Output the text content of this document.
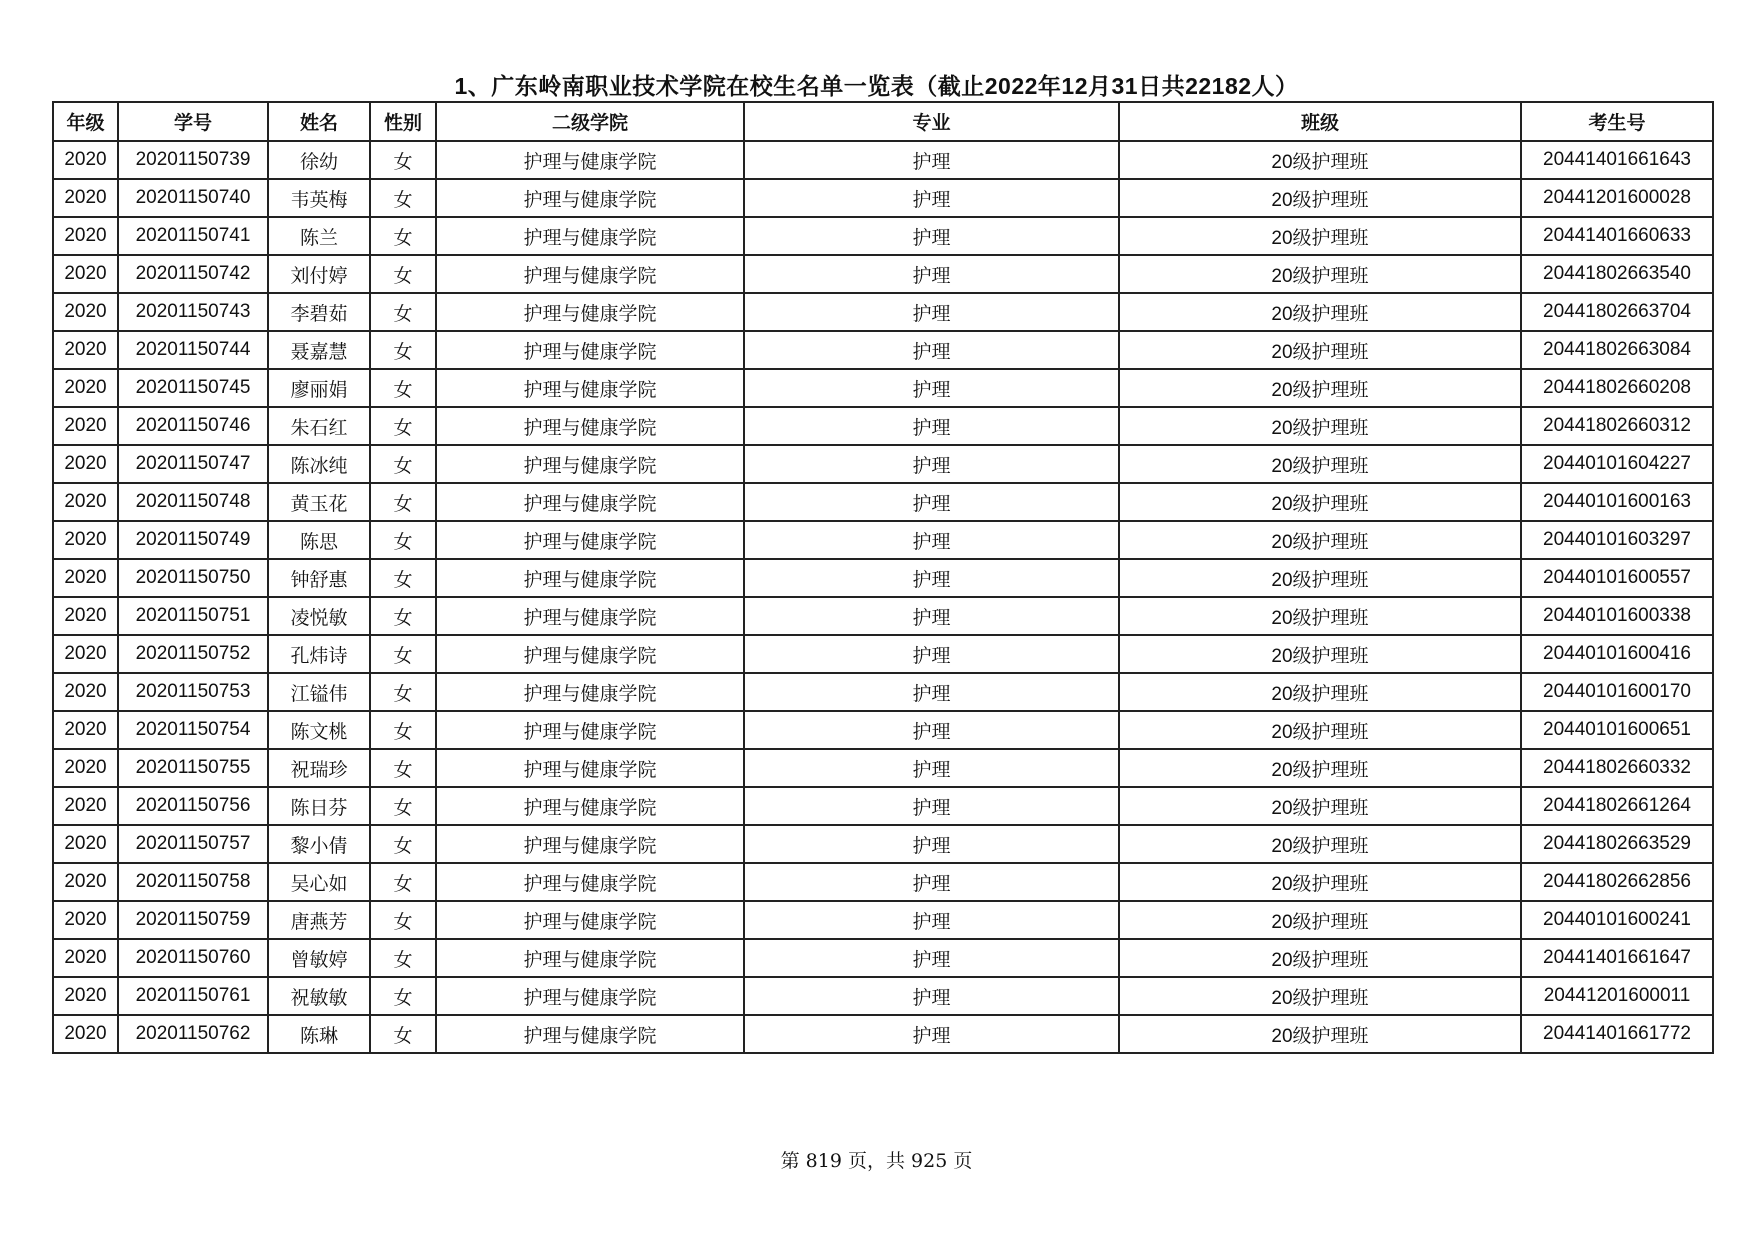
1、广东岭南职业技术学院在校生名单一览表（截止2022年12月31日共22182人）
年级	学号	姓名	性别	二级学院	专业	班级	考生号
2020	20201150739	徐幼	女	护理与健康学院	护理	20级护理班	20441401661643
2020	20201150740	韦英梅	女	护理与健康学院	护理	20级护理班	20441201600028
2020	20201150741	陈兰	女	护理与健康学院	护理	20级护理班	20441401660633
2020	20201150742	刘付婷	女	护理与健康学院	护理	20级护理班	20441802663540
2020	20201150743	李碧茹	女	护理与健康学院	护理	20级护理班	20441802663704
2020	20201150744	聂嘉慧	女	护理与健康学院	护理	20级护理班	20441802663084
2020	20201150745	廖丽娟	女	护理与健康学院	护理	20级护理班	20441802660208
2020	20201150746	朱石红	女	护理与健康学院	护理	20级护理班	20441802660312
2020	20201150747	陈冰纯	女	护理与健康学院	护理	20级护理班	20440101604227
2020	20201150748	黄玉花	女	护理与健康学院	护理	20级护理班	20440101600163
2020	20201150749	陈思	女	护理与健康学院	护理	20级护理班	20440101603297
2020	20201150750	钟舒惠	女	护理与健康学院	护理	20级护理班	20440101600557
2020	20201150751	凌悦敏	女	护理与健康学院	护理	20级护理班	20440101600338
2020	20201150752	孔炜诗	女	护理与健康学院	护理	20级护理班	20440101600416
2020	20201150753	江镒伟	女	护理与健康学院	护理	20级护理班	20440101600170
2020	20201150754	陈文桃	女	护理与健康学院	护理	20级护理班	20440101600651
2020	20201150755	祝瑞珍	女	护理与健康学院	护理	20级护理班	20441802660332
2020	20201150756	陈日芬	女	护理与健康学院	护理	20级护理班	20441802661264
2020	20201150757	黎小倩	女	护理与健康学院	护理	20级护理班	20441802663529
2020	20201150758	吴心如	女	护理与健康学院	护理	20级护理班	20441802662856
2020	20201150759	唐燕芳	女	护理与健康学院	护理	20级护理班	20440101600241
2020	20201150760	曾敏婷	女	护理与健康学院	护理	20级护理班	20441401661647
2020	20201150761	祝敏敏	女	护理与健康学院	护理	20级护理班	20441201600011
2020	20201150762	陈琳	女	护理与健康学院	护理	20级护理班	20441401661772
第 819 页，共 925 页
